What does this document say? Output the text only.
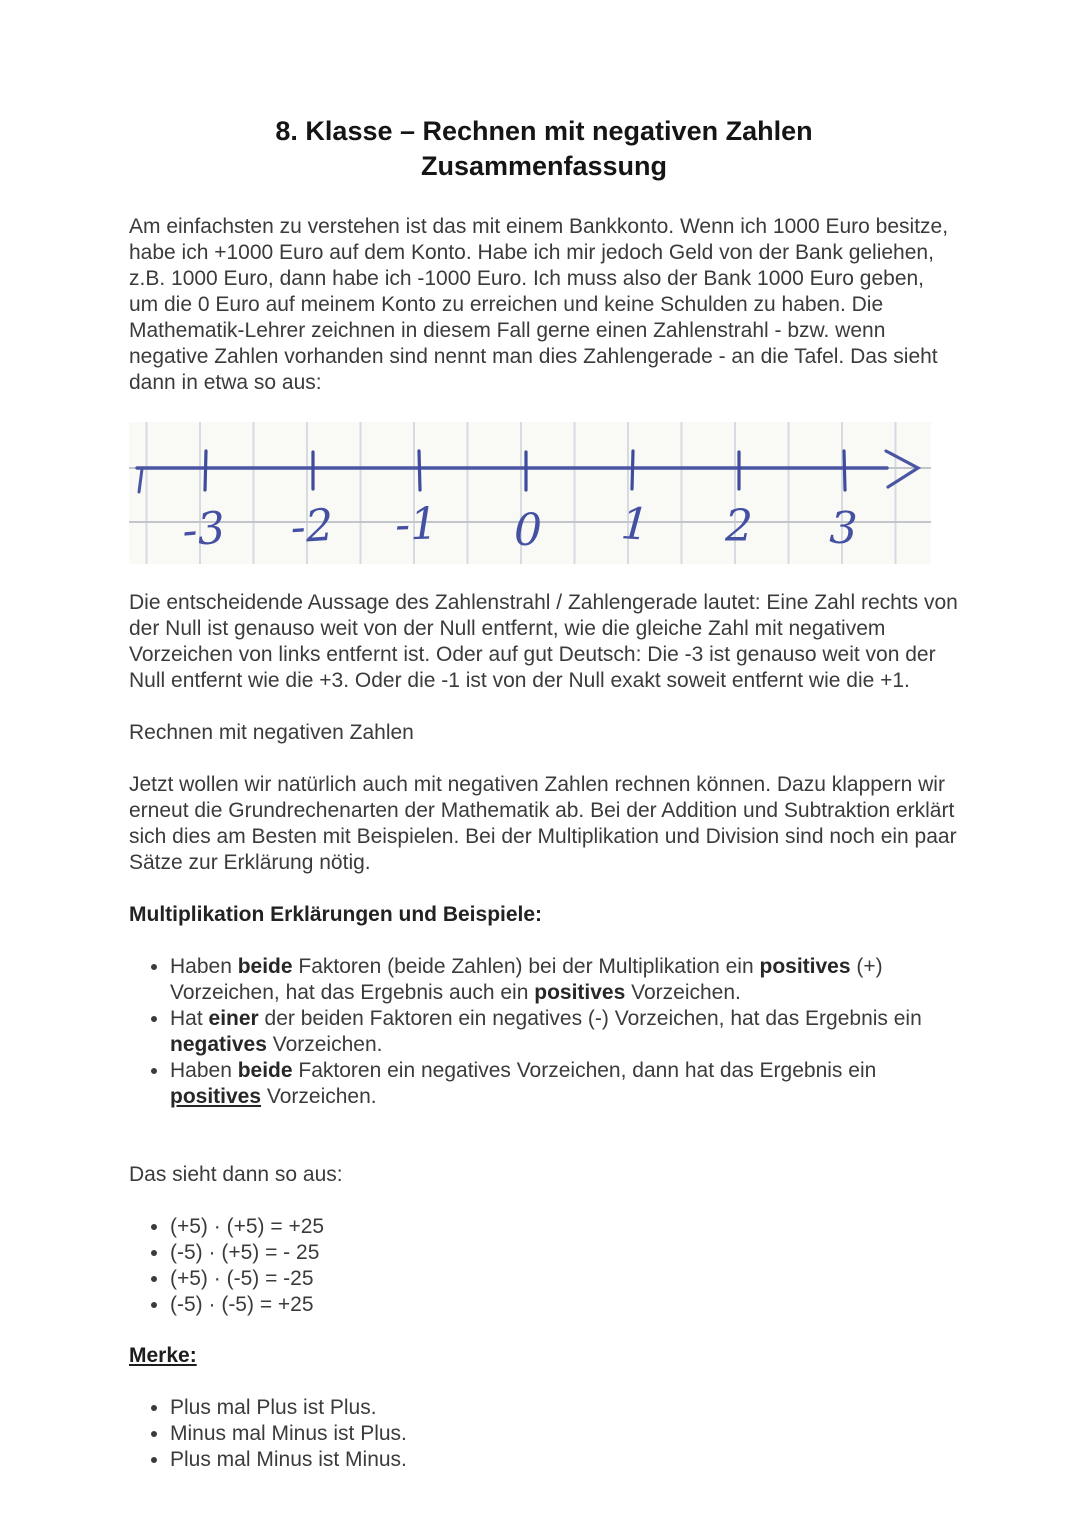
8. Klasse – Rechnen mit negativen Zahlen
Zusammenfassung

Am einfachsten zu verstehen ist das mit einem Bankkonto. Wenn ich 1000 Euro besitze, habe ich +1000 Euro auf dem Konto. Habe ich mir jedoch Geld von der Bank geliehen, z.B. 1000 Euro, dann habe ich -1000 Euro. Ich muss also der Bank 1000 Euro geben, um die 0 Euro auf meinem Konto zu erreichen und keine Schulden zu haben. Die Mathematik-Lehrer zeichnen in diesem Fall gerne einen Zahlenstrahl - bzw. wenn negative Zahlen vorhanden sind nennt man dies Zahlengerade - an die Tafel. Das sieht dann in etwa so aus:

-3 -2 -1 0 1 2 3

Die entscheidende Aussage des Zahlenstrahl / Zahlengerade lautet: Eine Zahl rechts von der Null ist genauso weit von der Null entfernt, wie die gleiche Zahl mit negativem Vorzeichen von links entfernt ist. Oder auf gut Deutsch: Die -3 ist genauso weit von der Null entfernt wie die +3. Oder die -1 ist von der Null exakt soweit entfernt wie die +1.

Rechnen mit negativen Zahlen

Jetzt wollen wir natürlich auch mit negativen Zahlen rechnen können. Dazu klappern wir erneut die Grundrechenarten der Mathematik ab. Bei der Addition und Subtraktion erklärt sich dies am Besten mit Beispielen. Bei der Multiplikation und Division sind noch ein paar Sätze zur Erklärung nötig.

Multiplikation Erklärungen und Beispiele:

• Haben beide Faktoren (beide Zahlen) bei der Multiplikation ein positives (+) Vorzeichen, hat das Ergebnis auch ein positives Vorzeichen.
• Hat einer der beiden Faktoren ein negatives (-) Vorzeichen, hat das Ergebnis ein negatives Vorzeichen.
• Haben beide Faktoren ein negatives Vorzeichen, dann hat das Ergebnis ein positives Vorzeichen.

Das sieht dann so aus:

• (+5) · (+5) = +25
• (-5) · (+5) = - 25
• (+5) · (-5) = -25
• (-5) · (-5) = +25

Merke:

• Plus mal Plus ist Plus.
• Minus mal Minus ist Plus.
• Plus mal Minus ist Minus.
